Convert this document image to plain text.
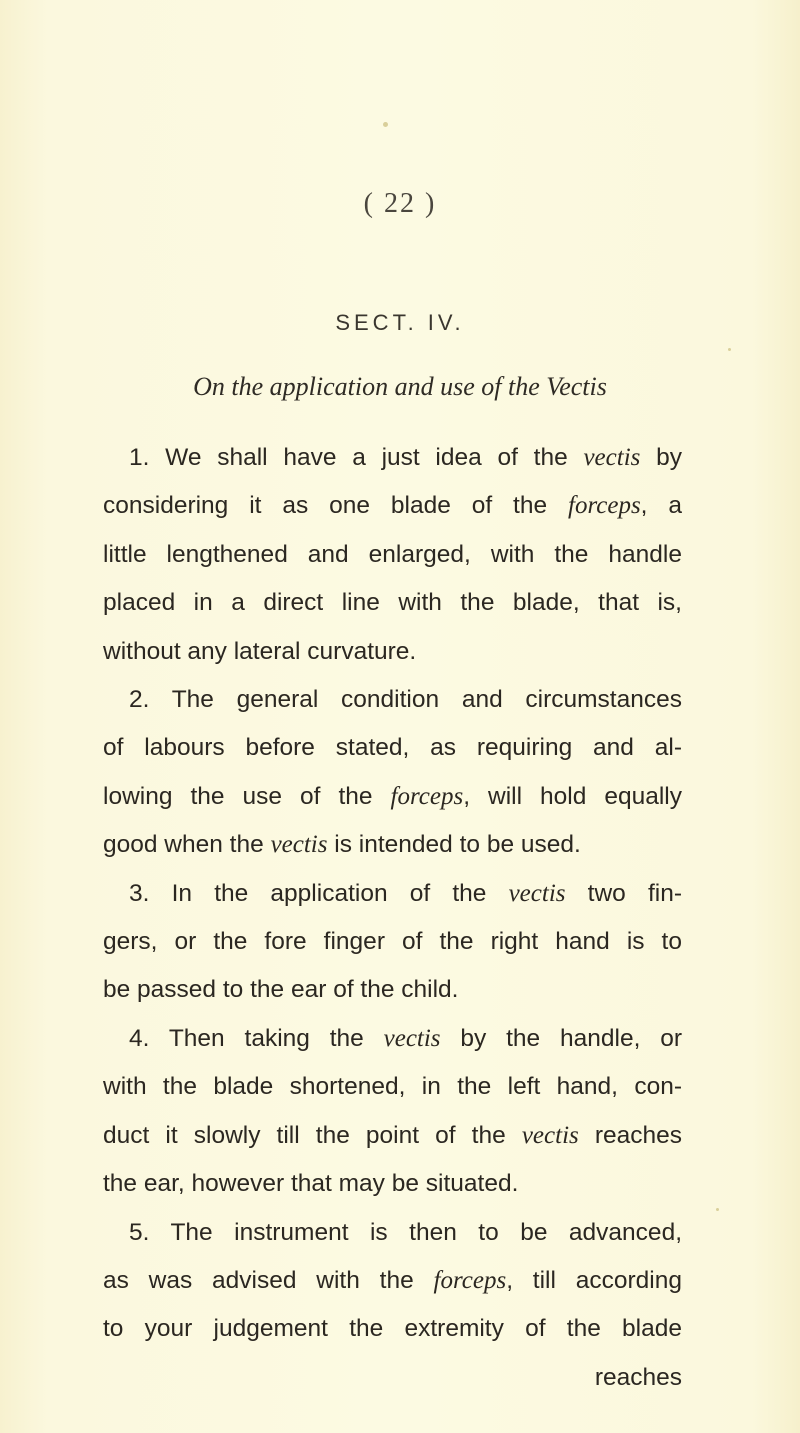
( 22 )
SECT. IV.
On the application and use of the Vectis
1. We shall have a just idea of the vectis by
considering it as one blade of the forceps, a
little lengthened and enlarged, with the handle
placed in a direct line with the blade, that is,
without any lateral curvature.
2. The general condition and circumstances
of labours before stated, as requiring and al-
lowing the use of the forceps, will hold equally
good when the vectis is intended to be used.
3. In the application of the vectis two fin-
gers, or the fore finger of the right hand is to
be passed to the ear of the child.
4. Then taking the vectis by the handle, or
with the blade shortened, in the left hand, con-
duct it slowly till the point of the vectis reaches
the ear, however that may be situated.
5. The instrument is then to be advanced,
as was advised with the forceps, till according
to your judgement the extremity of the blade
reaches
